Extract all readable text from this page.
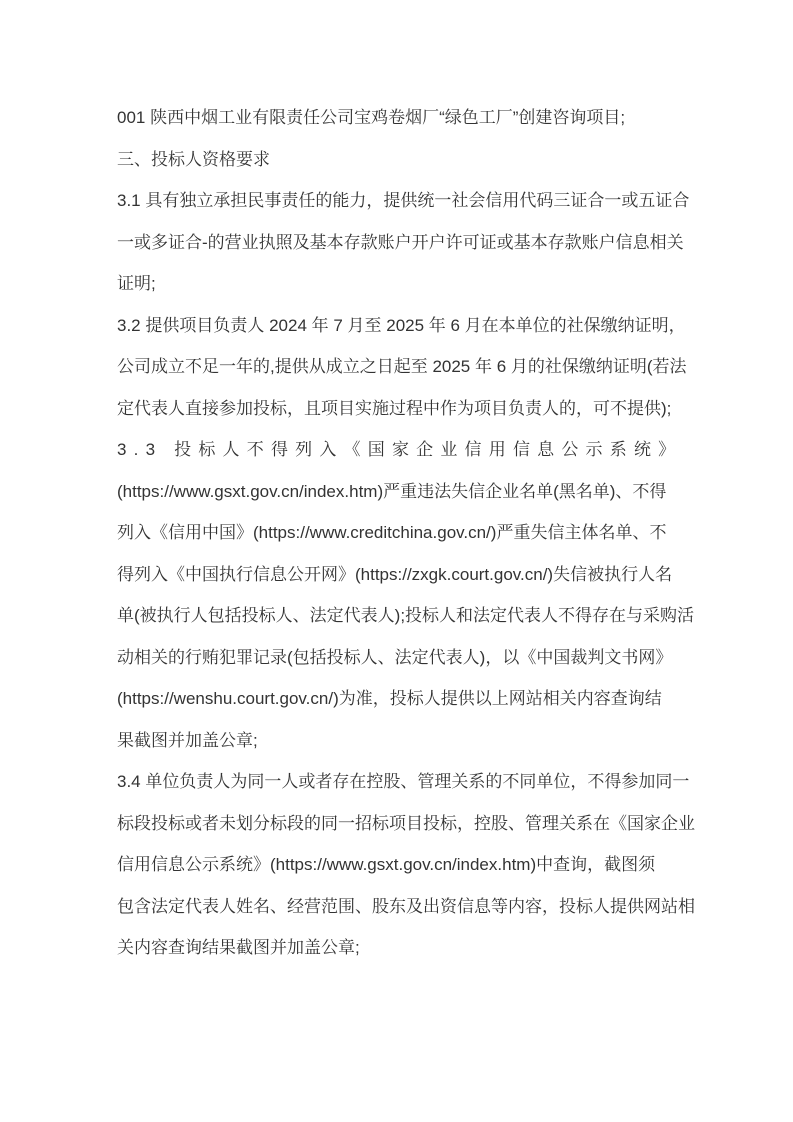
001 陕西中烟工业有限责任公司宝鸡卷烟厂“绿色工厂”创建咨询项目;
三、投标人资格要求
3.1 具有独立承担民事责任的能力，提供统一社会信用代码三证合一或五证合
一或多证合-的营业执照及基本存款账户开户许可证或基本存款账户信息相关
证明;
3.2 提供项目负责人 2024 年 7 月至 2025 年 6 月在本单位的社保缴纳证明，
公司成立不足一年的,提供从成立之日起至 2025 年 6 月的社保缴纳证明(若法
定代表人直接参加投标，且项目实施过程中作为项目负责人的，可不提供);
3.3 投标人不得列入《国家企业信用信息公示系统》
(https://www.gsxt.gov.cn/index.htm)严重违法失信企业名单(黑名单)、不得
列入《信用中国》(https://www.creditchina.gov.cn/)严重失信主体名单、不
得列入《中国执行信息公开网》(https://zxgk.court.gov.cn/)失信被执行人名
单(被执行人包括投标人、法定代表人);投标人和法定代表人不得存在与采购活
动相关的行贿犯罪记录(包括投标人、法定代表人)，以《中国裁判文书网》
(https://wenshu.court.gov.cn/)为准，投标人提供以上网站相关内容查询结
果截图并加盖公章;
3.4 单位负责人为同一人或者存在控股、管理关系的不同单位，不得参加同一
标段投标或者未划分标段的同一招标项目投标，控股、管理关系在《国家企业
信用信息公示系统》(https://www.gsxt.gov.cn/index.htm)中查询，截图须
包含法定代表人姓名、经营范围、股东及出资信息等内容，投标人提供网站相
关内容查询结果截图并加盖公章;
